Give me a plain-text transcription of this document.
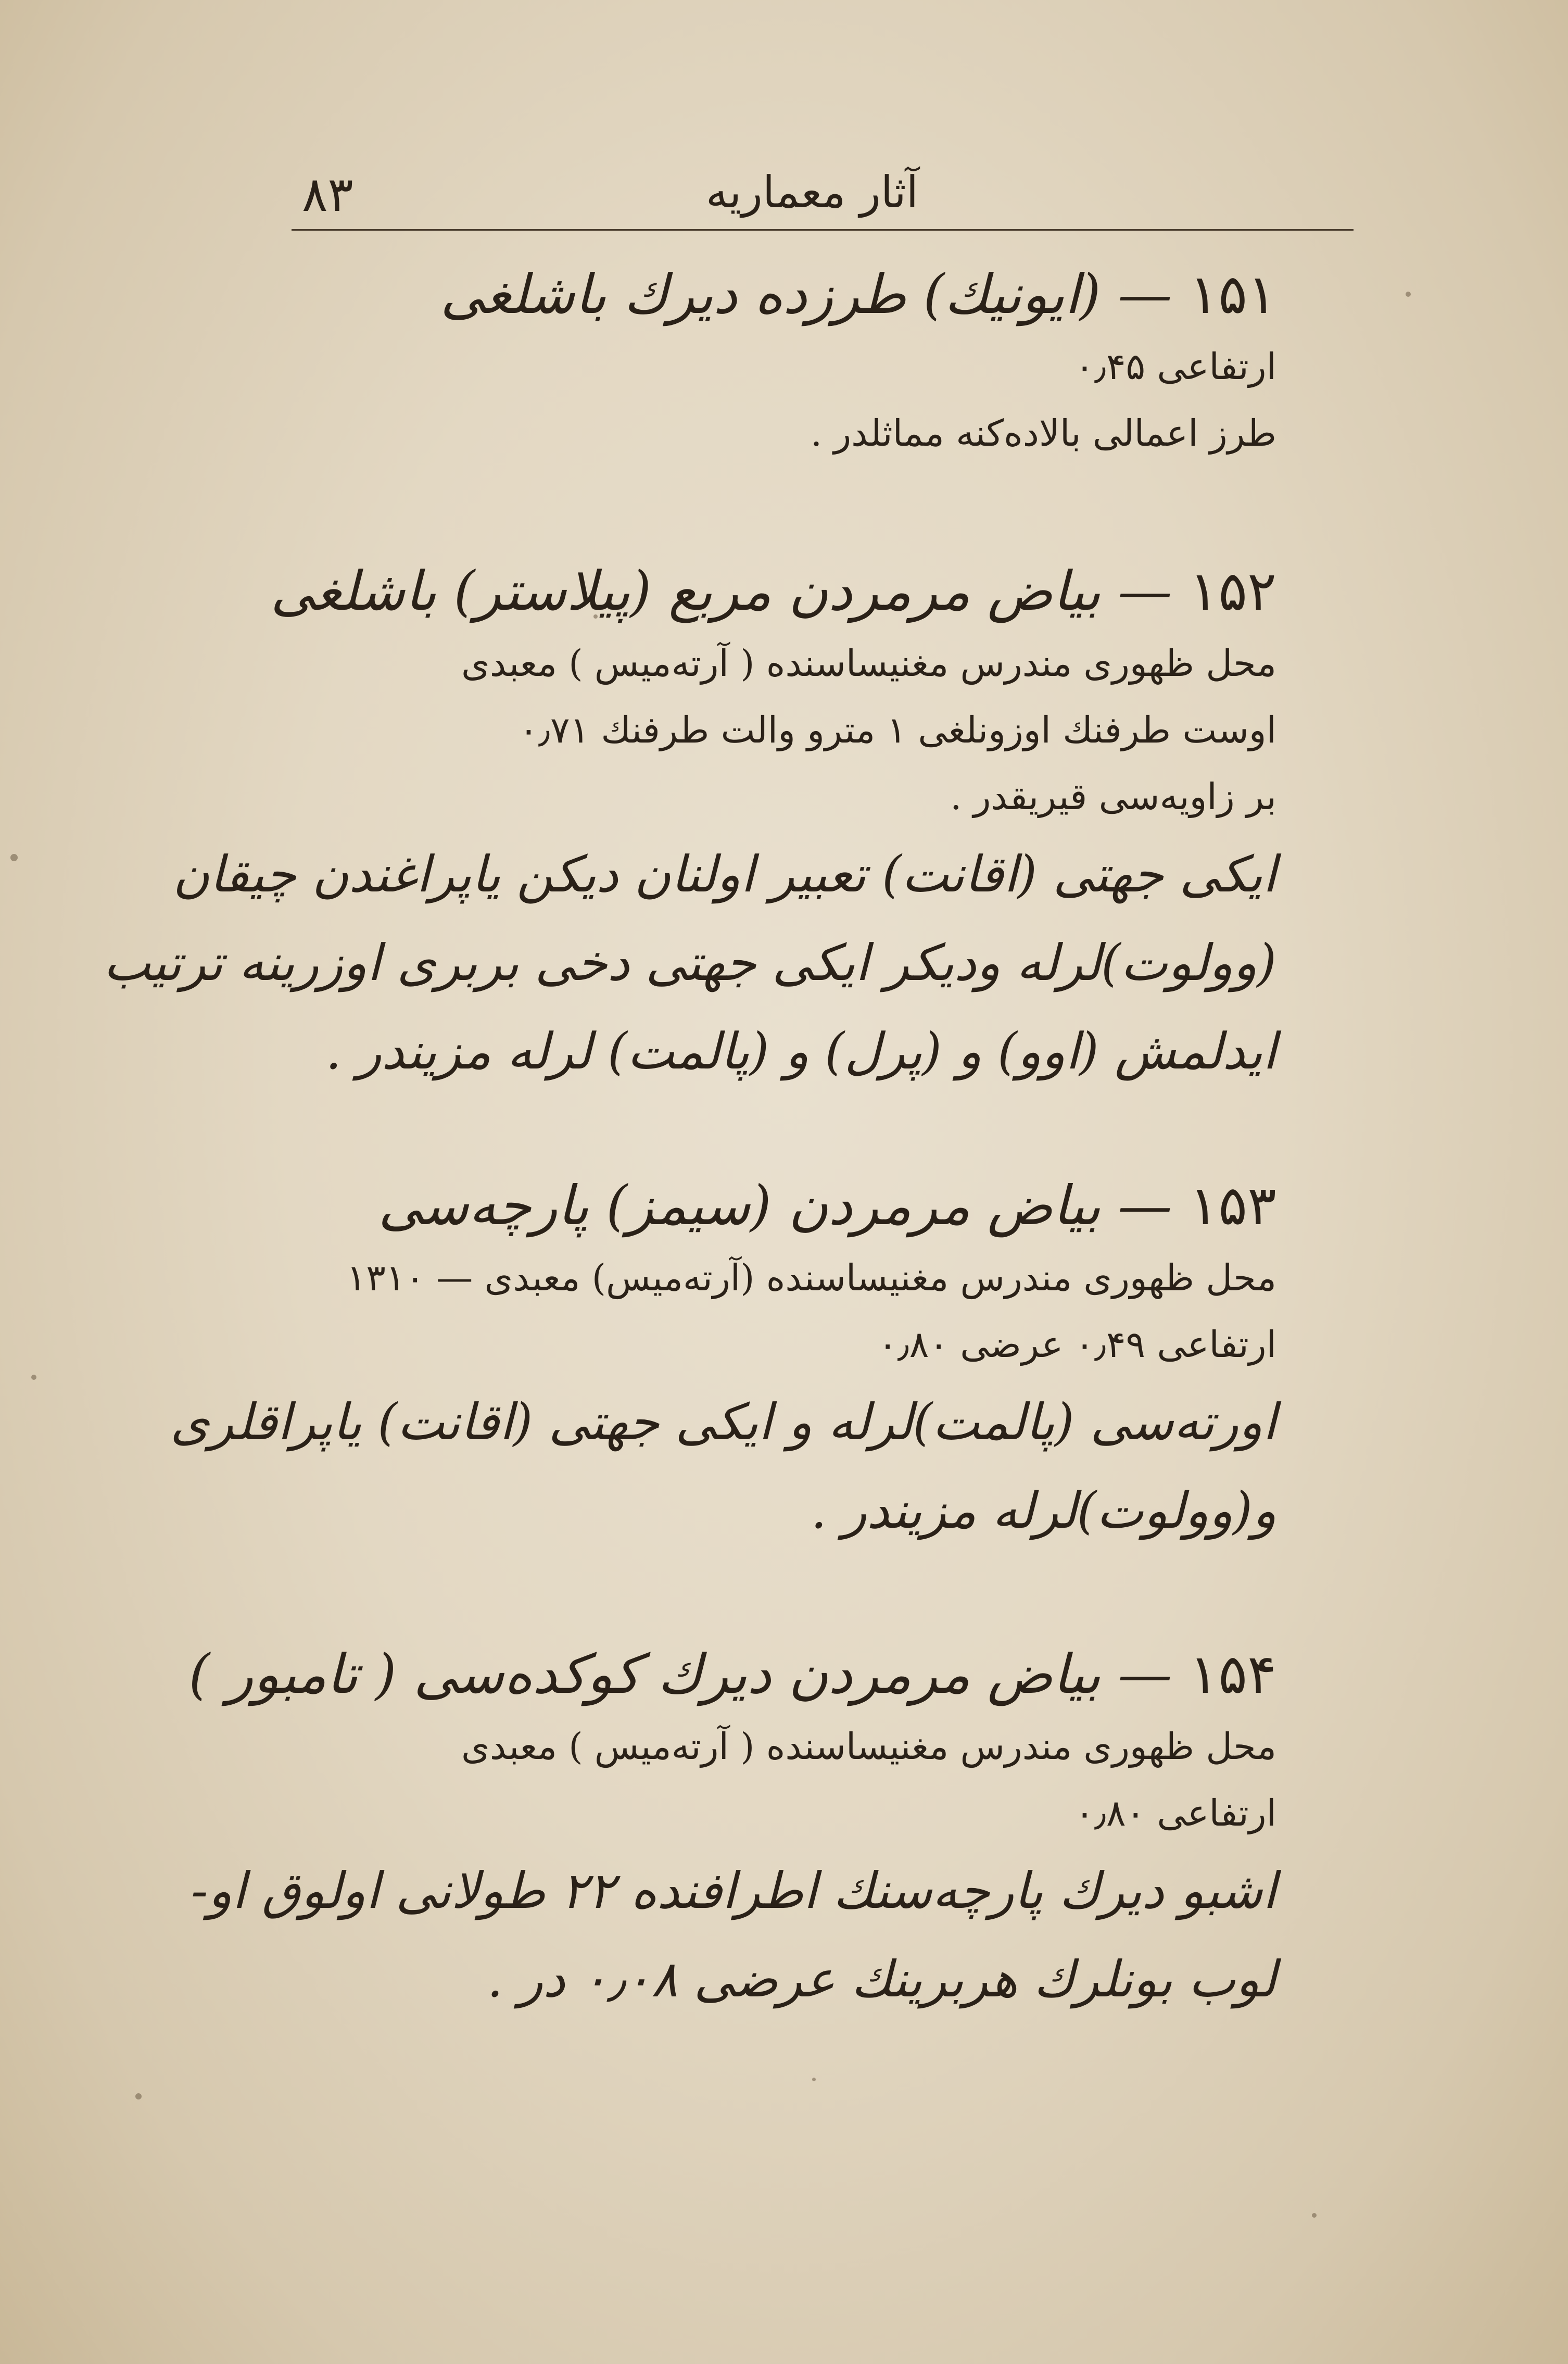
۸۳	آثار معماریه
۱۵۱ — (ایونیك) طرزده دیرك باشلغی
ارتفاعی ۰٫۴۵
طرز اعمالی بالاده‌کنه مماثلدر .
۱۵۲ — بیاض مرمردن مربع (پیلاستر) باشلغی
محل ظهوری مندرس مغنیساسنده ( آرته‌میس ) معبدی
اوست طرفنك اوزونلغی ۱ مترو والت طرفنك ۰٫۷۱
بر زاویه‌سی قیریقدر .
ایکی جهتی (اقانت) تعبیر اولنان دیکن یاپراغندن چیقان
(وولوت)لرله ودیکر ایکی جهتی دخی بربری اوزرینه ترتیب
ایدلمش (اوو) و (پرل) و (پالمت) لرله مزیندر .
۱۵۳ — بیاض مرمردن (سیمز) پارچه‌سی
محل ظهوری مندرس مغنیساسنده (آرته‌میس) معبدی — ۱۳۱۰
ارتفاعی ۰٫۴۹ عرضی ۰٫۸۰
اورته‌سی (پالمت)لرله و ایکی جهتی (اقانت) یاپراقلری
و(وولوت)لرله مزیندر .
۱۵۴ — بیاض مرمردن دیرك کوکده‌سی ( تامبور )
محل ظهوری مندرس مغنیساسنده ( آرته‌میس ) معبدی
ارتفاعی ۰٫۸۰
اشبو دیرك پارچه‌سنك اطرافنده ۲۲ طولانی اولوق او-
لوب بونلرك هربرینك عرضی ۰٫۰۸ در .
